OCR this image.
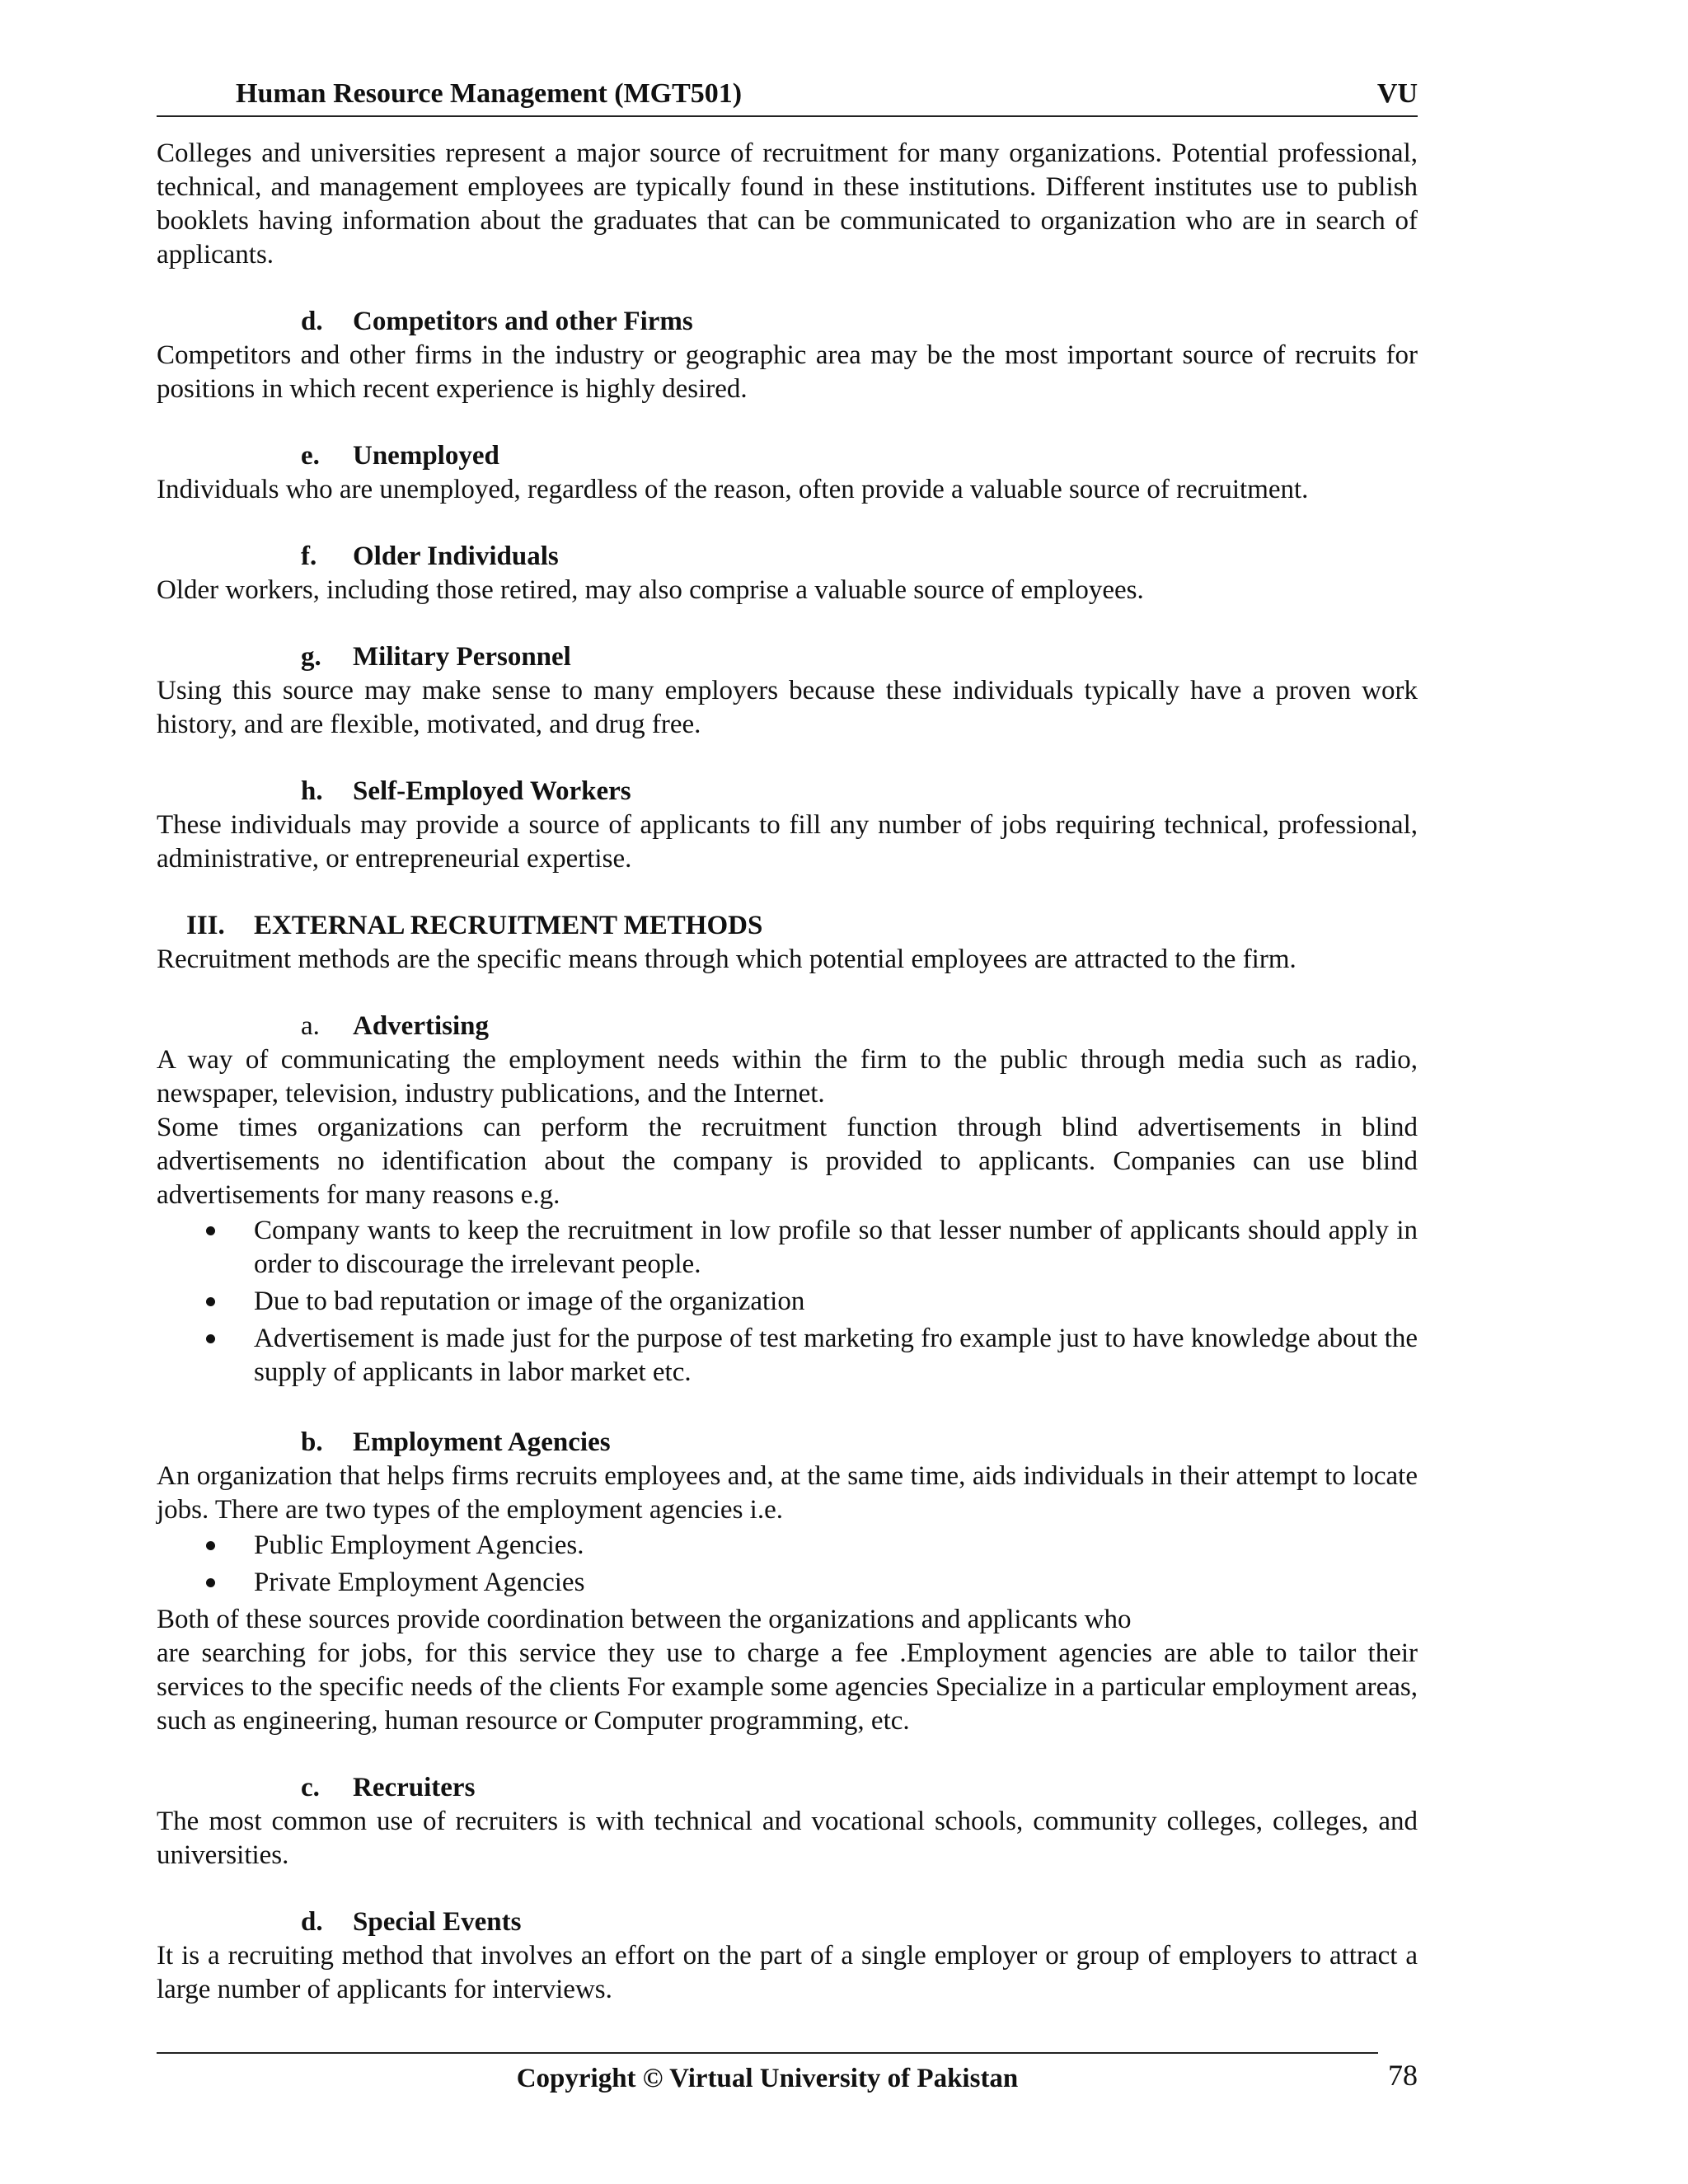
Human Resource Management (MGT501)	VU

Colleges and universities represent a major source of recruitment for many organizations. Potential professional, technical, and management employees are typically found in these institutions. Different institutes use to publish booklets having information about the graduates that can be communicated to organization who are in search of applicants.

d.	Competitors and other Firms

Competitors and other firms in the industry or geographic area may be the most important source of recruits for positions in which recent experience is highly desired.

e.	Unemployed

Individuals who are unemployed, regardless of the reason, often provide a valuable source of recruitment.

f.	Older Individuals

Older workers, including those retired, may also comprise a valuable source of employees.

g.	Military Personnel

Using this source may make sense to many employers because these individuals typically have a proven work history, and are flexible, motivated, and drug free.

h.	Self-Employed Workers

These individuals may provide a source of applicants to fill any number of jobs requiring technical, professional, administrative, or entrepreneurial expertise.

III. EXTERNAL RECRUITMENT METHODS

Recruitment methods are the specific means through which potential employees are attracted to the firm.

a.	Advertising

A way of communicating the employment needs within the firm to the public through media such as radio, newspaper, television, industry publications, and the Internet.

Some times organizations can perform the recruitment function through blind advertisements in blind advertisements no identification about the company is provided to applicants. Companies can use blind advertisements for many reasons e.g.

Company wants to keep the recruitment in low profile so that lesser number of applicants should apply in order to discourage the irrelevant people.
Due to bad reputation or image of the organization
Advertisement is made just for the purpose of test marketing fro example just to have knowledge about the supply of applicants in labor market etc.
b.	Employment Agencies

An organization that helps firms recruits employees and, at the same time, aids individuals in their attempt to locate jobs. There are two types of the employment agencies i.e.

Public Employment Agencies.
Private Employment Agencies

Both of these sources provide coordination between the organizations and applicants who

are searching for jobs, for this service they use to charge a fee .Employment agencies are able to tailor their services to the specific needs of the clients For example some agencies Specialize in a particular employment areas, such as engineering, human resource or Computer programming, etc.

c.	Recruiters

The most common use of recruiters is with technical and vocational schools, community colleges, colleges, and universities.

d.	Special Events

It is a recruiting method that involves an effort on the part of a single employer or group of employers to attract a large number of applicants for interviews.

Copyright © Virtual University of Pakistan	78
